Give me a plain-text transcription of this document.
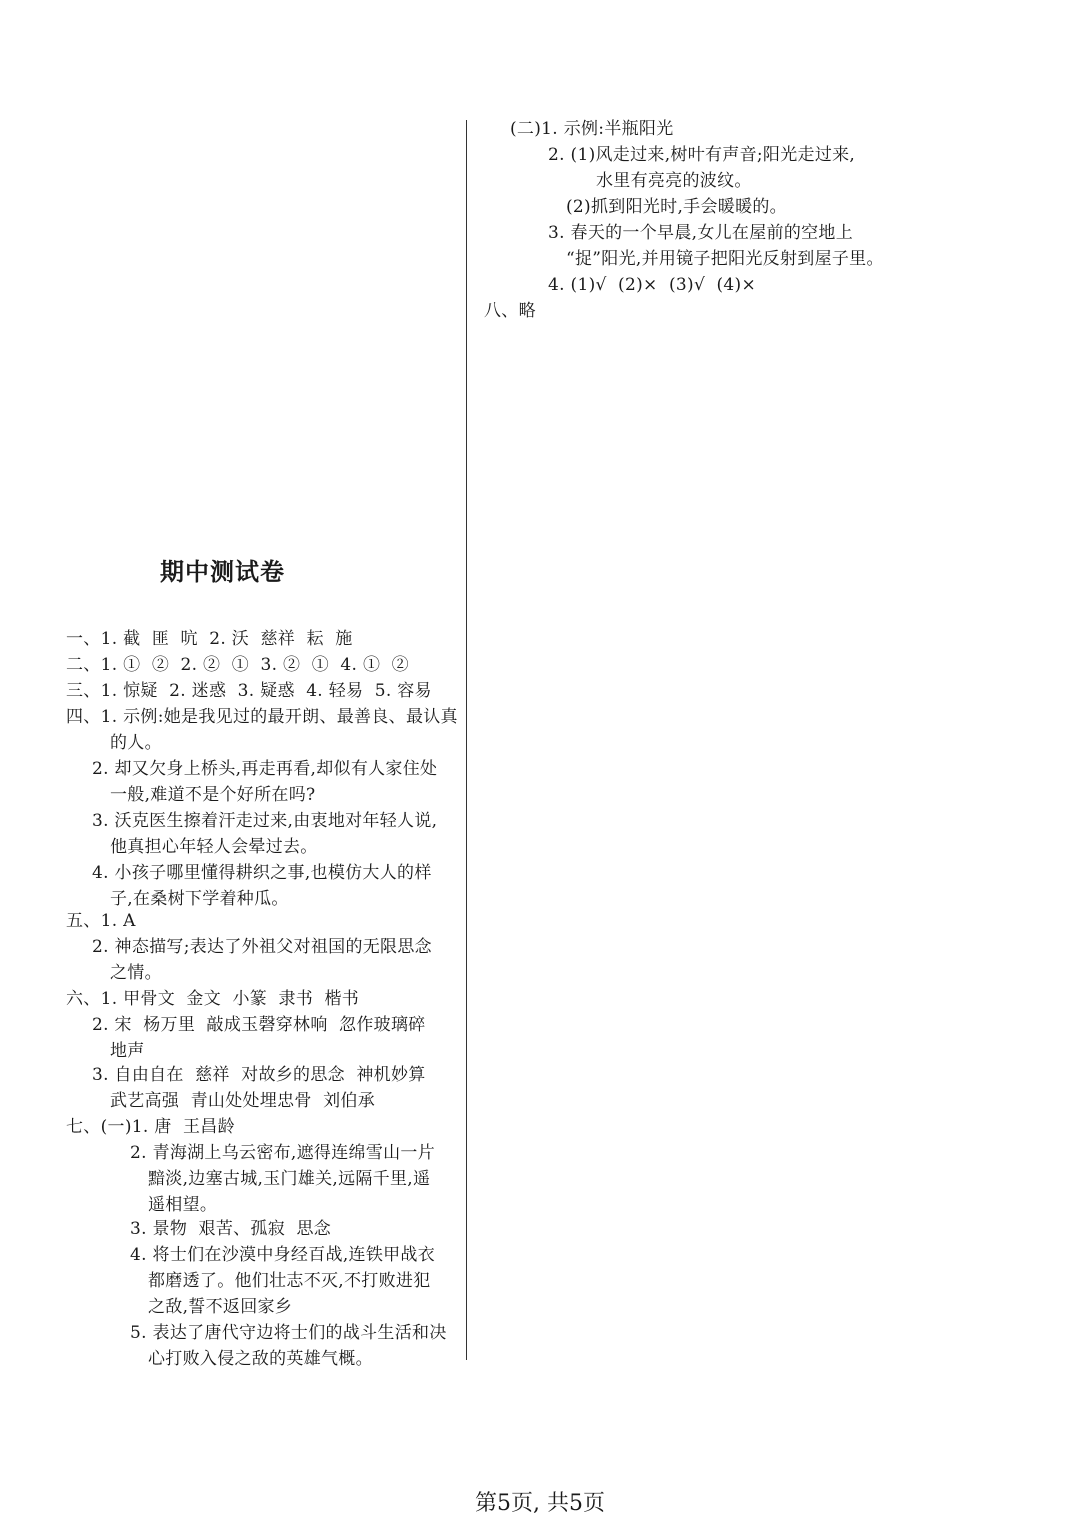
(二)1. 示例:半瓶阳光
2. (1)风走过来,树叶有声音;阳光走过来,
水里有亮亮的波纹。
(2)抓到阳光时,手会暖暖的。
3. 春天的一个早晨,女儿在屋前的空地上
“捉”阳光,并用镜子把阳光反射到屋子里。
4. (1)√  (2)×  (3)√  (4)×
八、略
期中测试卷
一、1. 截  匪  吭  2. 沃  慈祥  耘  施
二、1. ①  ②  2. ②  ①  3. ②  ①  4. ①  ②
三、1. 惊疑  2. 迷惑  3. 疑惑  4. 轻易  5. 容易
四、1. 示例:她是我见过的最开朗、最善良、最认真
的人。
2. 却又欠身上桥头,再走再看,却似有人家住处
一般,难道不是个好所在吗?
3. 沃克医生擦着汗走过来,由衷地对年轻人说,
他真担心年轻人会晕过去。
4. 小孩子哪里懂得耕织之事,也模仿大人的样
子,在桑树下学着种瓜。
五、1. A
2. 神态描写;表达了外祖父对祖国的无限思念
之情。
六、1. 甲骨文  金文  小篆  隶书  楷书
2. 宋  杨万里  敲成玉磬穿林响  忽作玻璃碎
地声
3. 自由自在  慈祥  对故乡的思念  神机妙算
武艺高强  青山处处埋忠骨  刘伯承
七、(一)1. 唐  王昌龄
2. 青海湖上乌云密布,遮得连绵雪山一片
黯淡,边塞古城,玉门雄关,远隔千里,遥
遥相望。
3. 景物  艰苦、孤寂  思念
4. 将士们在沙漠中身经百战,连铁甲战衣
都磨透了。他们壮志不灭,不打败进犯
之敌,誓不返回家乡
5. 表达了唐代守边将士们的战斗生活和决
心打败入侵之敌的英雄气概。
第5页, 共5页
